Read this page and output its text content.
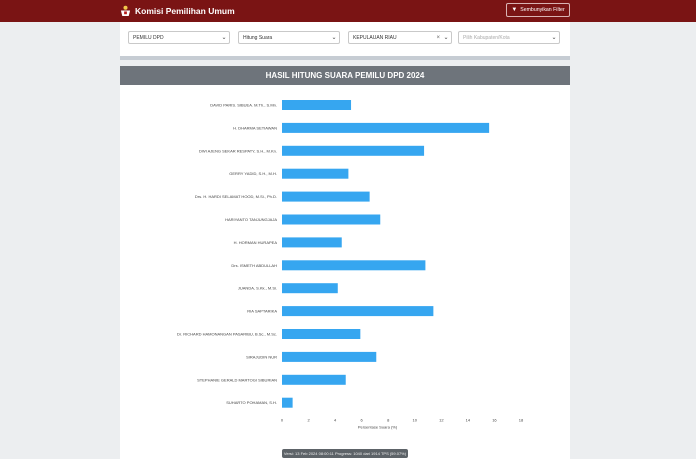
Komisi Pemilihan Umum	▼ Sembunyikan Filter
PEMILU DPD	⌄	Hitung Suara	⌄	KEPULAUAN RIAU	× ⌄	Pilih Kabupaten/Kota	⌄
HASIL HITUNG SUARA PEMILU DPD 2024
DAVID PARIS. SIBUEA. M.Th., S.Mn.
H. DHARMA SETIAWAN
DWI AJENG SEKAR RESPATY, S.H., M.Kn.
GERRY YADID, S.H., M.H.
Drs. H. HARDI SELAMAT HOOD, M.Si., Ph.D.
HARIYANTO TANJUNGJAJA
H. HORMAN HURAPEA
Drs. ISMETH ABDULLAH
JUANDA, S.Kk., M.Si.
RIA SAPTARIKA
Dr. RICHARD HAMONANGAN PASARIBU, B.Sc., M.Sc.
SIRAJUDIN NUR
STEPHANIE GERALD MARTOGI SIBURIAN
SUHARTO POHAMAN, S.H.
0	2	4	6	8	10	12	14	16	18
Persentase Suara (%)
Versi: 13 Feb 2024 08:00:11 Progress: 1040 dari 1914 TPS (59.07%)
